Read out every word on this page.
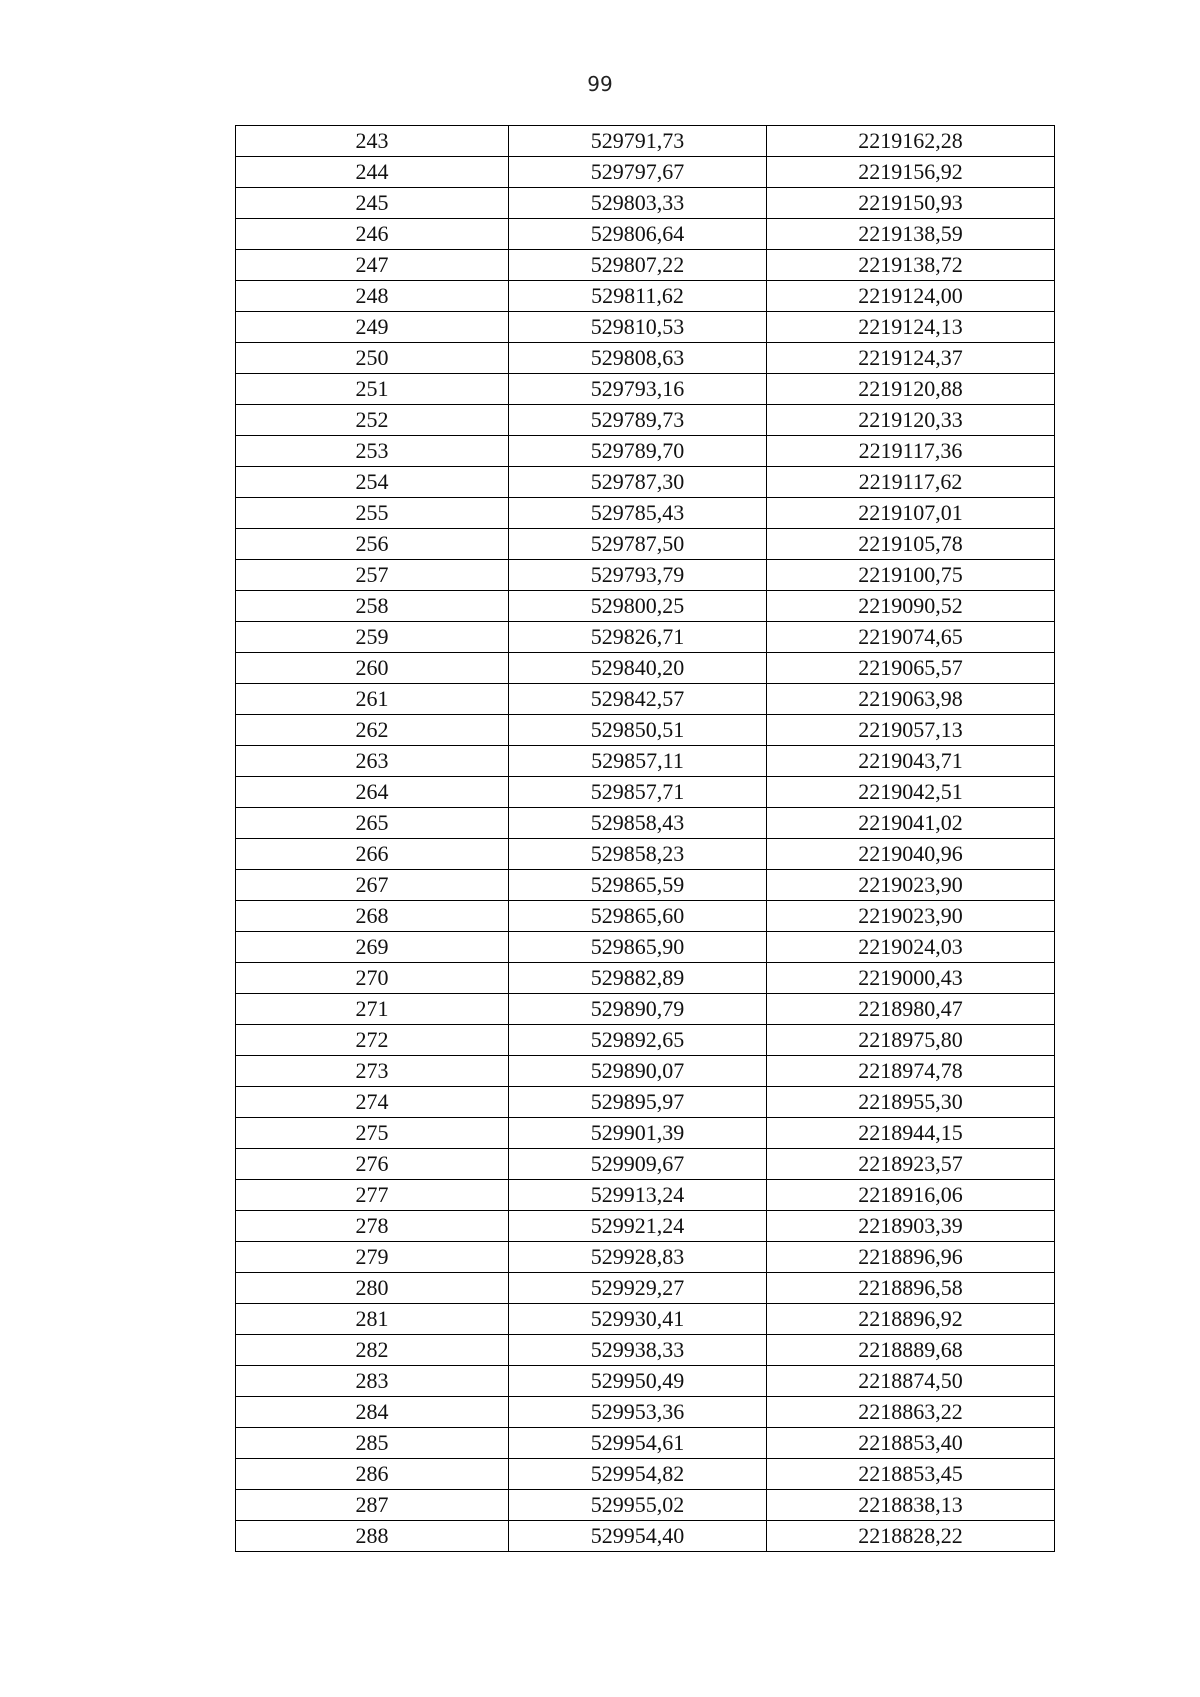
99
243	529791,73	2219162,28
244	529797,67	2219156,92
245	529803,33	2219150,93
246	529806,64	2219138,59
247	529807,22	2219138,72
248	529811,62	2219124,00
249	529810,53	2219124,13
250	529808,63	2219124,37
251	529793,16	2219120,88
252	529789,73	2219120,33
253	529789,70	2219117,36
254	529787,30	2219117,62
255	529785,43	2219107,01
256	529787,50	2219105,78
257	529793,79	2219100,75
258	529800,25	2219090,52
259	529826,71	2219074,65
260	529840,20	2219065,57
261	529842,57	2219063,98
262	529850,51	2219057,13
263	529857,11	2219043,71
264	529857,71	2219042,51
265	529858,43	2219041,02
266	529858,23	2219040,96
267	529865,59	2219023,90
268	529865,60	2219023,90
269	529865,90	2219024,03
270	529882,89	2219000,43
271	529890,79	2218980,47
272	529892,65	2218975,80
273	529890,07	2218974,78
274	529895,97	2218955,30
275	529901,39	2218944,15
276	529909,67	2218923,57
277	529913,24	2218916,06
278	529921,24	2218903,39
279	529928,83	2218896,96
280	529929,27	2218896,58
281	529930,41	2218896,92
282	529938,33	2218889,68
283	529950,49	2218874,50
284	529953,36	2218863,22
285	529954,61	2218853,40
286	529954,82	2218853,45
287	529955,02	2218838,13
288	529954,40	2218828,22
